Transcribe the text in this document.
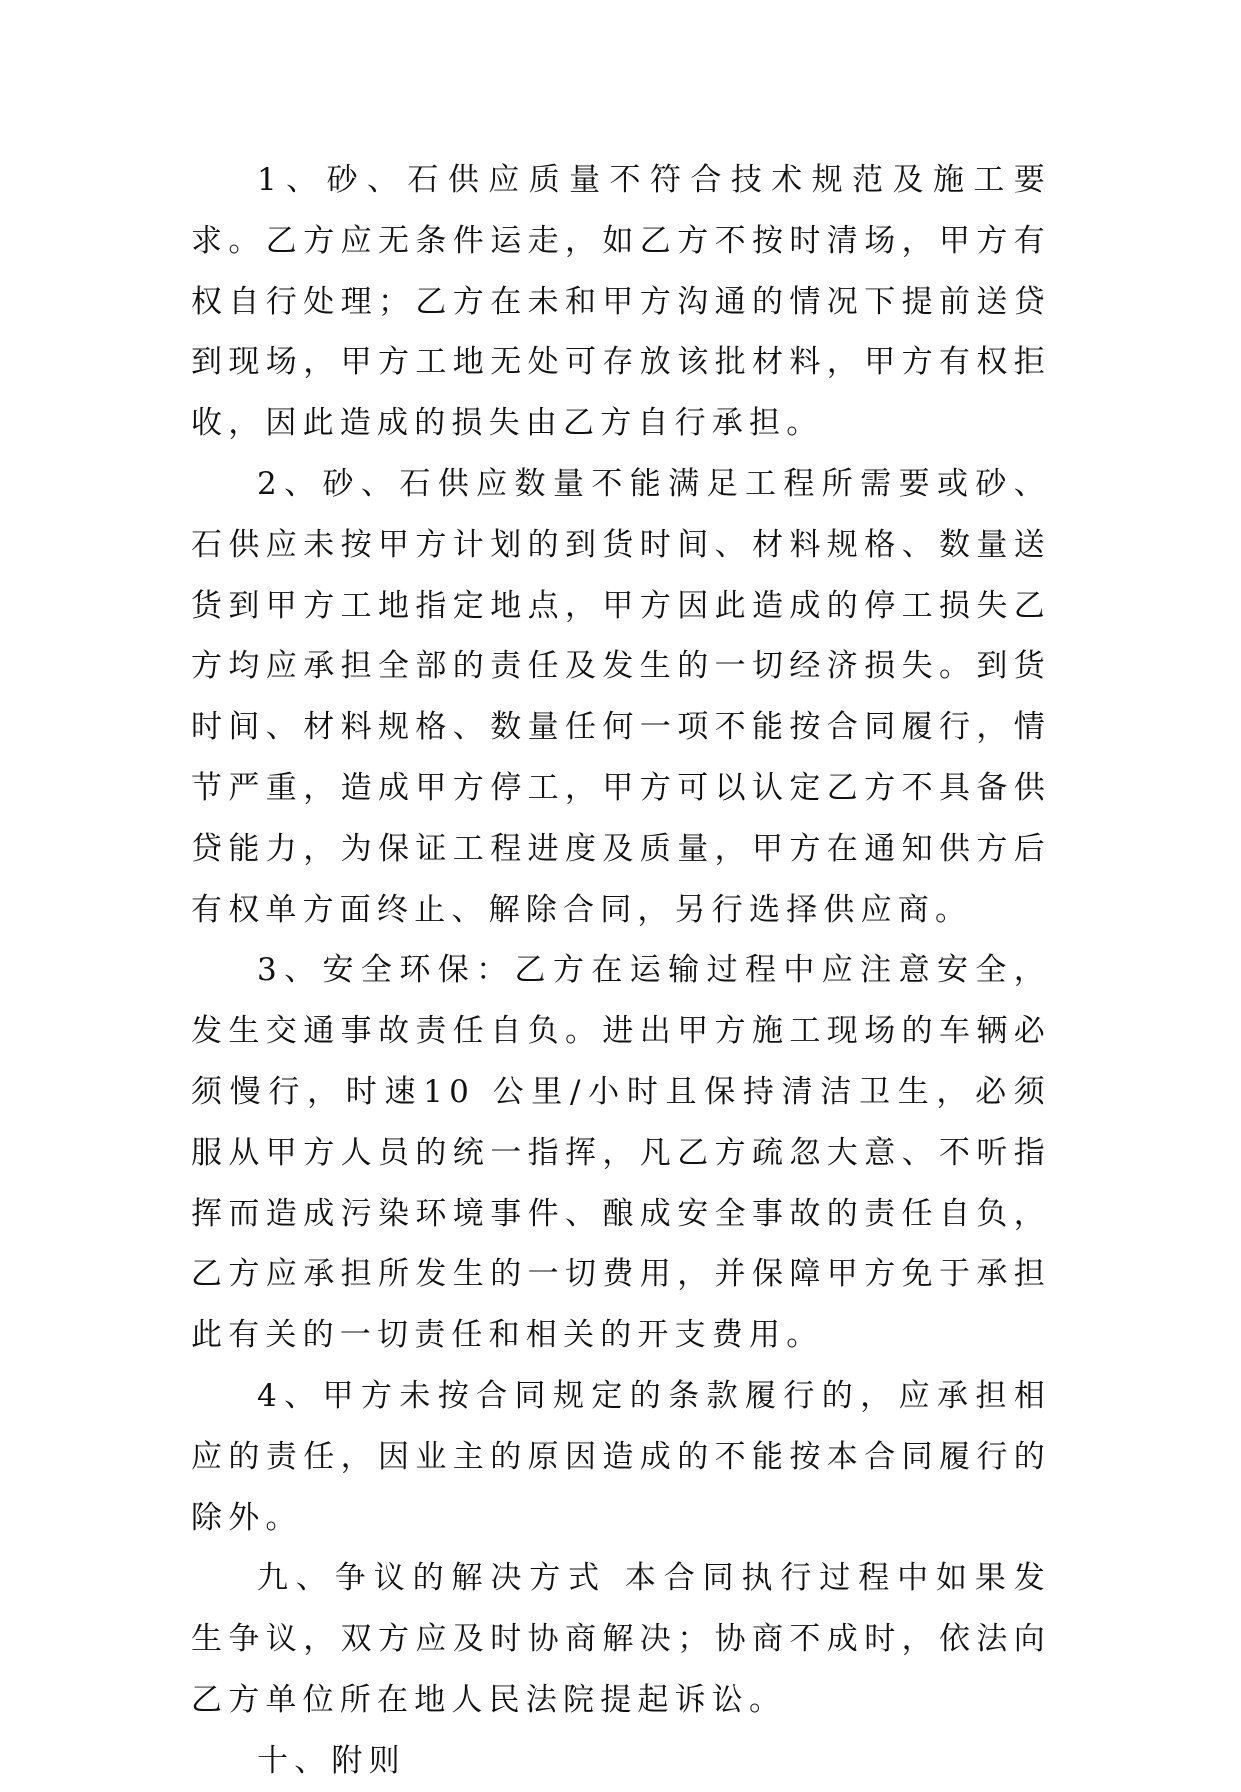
1、砂、石供应质量不符合技术规范及施工要求。乙方应无条件运走，如乙方不按时清场，甲方有权自行处理；乙方在未和甲方沟通的情况下提前送贷到现场，甲方工地无处可存放该批材料，甲方有权拒收，因此造成的损失由乙方自行承担。

2、砂、石供应数量不能满足工程所需要或砂、石供应未按甲方计划的到货时间、材料规格、数量送货到甲方工地指定地点，甲方因此造成的停工损失乙方均应承担全部的责任及发生的一切经济损失。到货时间、材料规格、数量任何一项不能按合同履行，情节严重，造成甲方停工，甲方可以认定乙方不具备供贷能力，为保证工程进度及质量，甲方在通知供方后有权单方面终止、解除合同，另行选择供应商。

3、安全环保：乙方在运输过程中应注意安全，发生交通事故责任自负。进出甲方施工现场的车辆必须慢行，时速10 公里/小时且保持清洁卫生，必须服从甲方人员的统一指挥，凡乙方疏忽大意、不听指挥而造成污染环境事件、酿成安全事故的责任自负，乙方应承担所发生的一切费用，并保障甲方免于承担此有关的一切责任和相关的开支费用。

4、甲方未按合同规定的条款履行的，应承担相应的责任，因业主的原因造成的不能按本合同履行的除外。

九、争议的解决方式 本合同执行过程中如果发生争议，双方应及时协商解决；协商不成时，依法向乙方单位所在地人民法院提起诉讼。

十、附则
